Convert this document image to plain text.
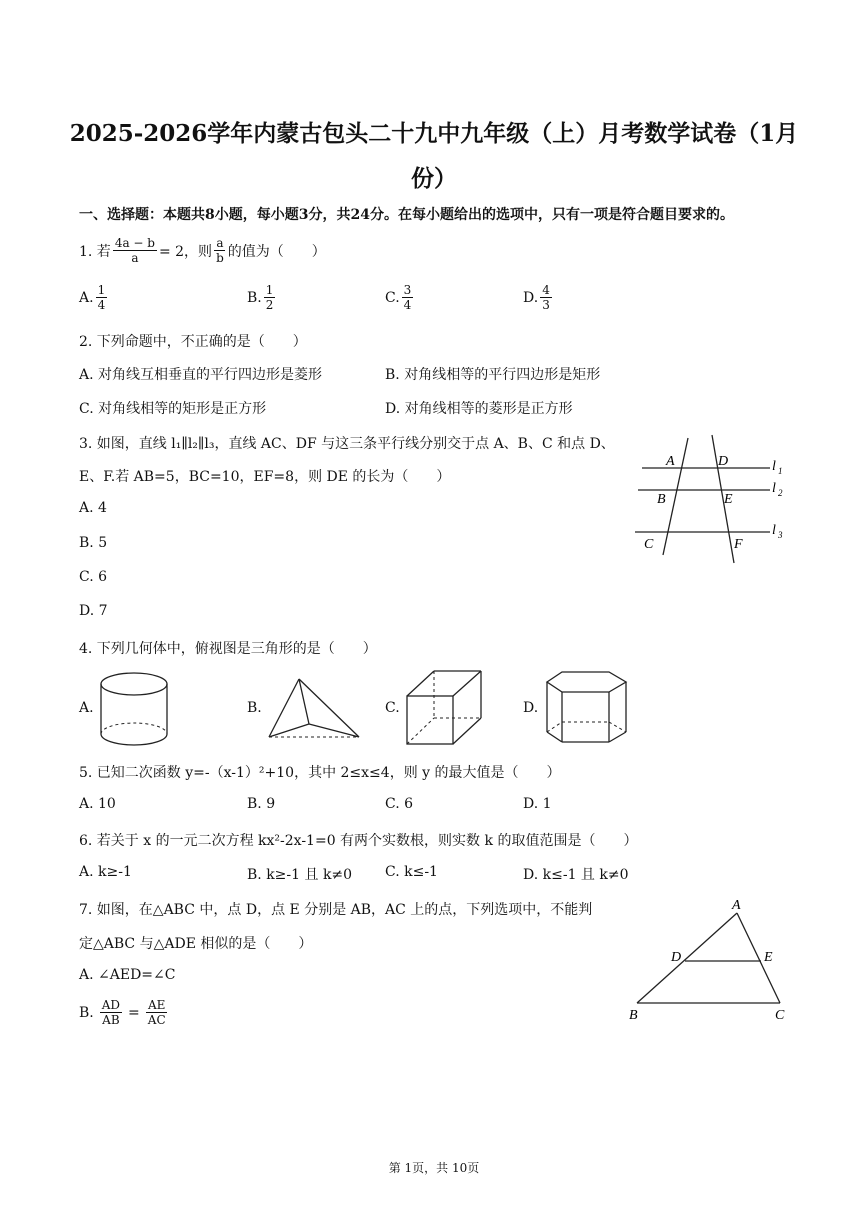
2025-2026学年内蒙古包头二十九中九年级（上）月考数学试卷（1月
份）
一、选择题：本题共8小题，每小题3分，共24分。在每小题给出的选项中，只有一项是符合题目要求的。
1. 若 $\frac{4a - b}{a} = 2$，则 $\frac{a}{b}$ 的值为（　　）
A. $\frac{1}{4}$	B. $\frac{1}{2}$	C. $\frac{3}{4}$	D. $\frac{4}{3}$
2. 下列命题中，不正确的是（　　）
A. 对角线互相垂直的平行四边形是菱形	B. 对角线相等的平行四边形是矩形
C. 对角线相等的矩形是正方形	D. 对角线相等的菱形是正方形
3. 如图，直线 l₁∥l₂∥l₃，直线 AC、DF 与这三条平行线分别交于点 A、B、C 和点 D、
E、F.若 AB=5，BC=10，EF=8，则 DE 的长为（　　）
A. 4
B. 5
C. 6
D. 7
A	D
B	E
C	F
l 1
l 2
l 3
4. 下列几何体中，俯视图是三角形的是（　　）
A.	B.	C.	D.
5. 已知二次函数 y=-（x-1）²+10，其中 2≤x≤4，则 y 的最大值是（　　）
A. 10	B. 9	C. 6	D. 1
6. 若关于 x 的一元二次方程 kx²-2x-1=0 有两个实数根，则实数 k 的取值范围是（　　）
A. k≥-1	B. k≥-1 且 k≠0 C. k≤-1	D. k≤-1 且 k≠0
7. 如图，在△ABC 中，点 D，点 E 分别是 AB，AC 上的点，下列选项中，不能判
定△ABC 与△ADE 相似的是（　　）
A. ∠AED=∠C
B. $\frac{AD}{AB} = \frac{AE}{AC}$
A
D	E
B	C
第 1页，共 10页
